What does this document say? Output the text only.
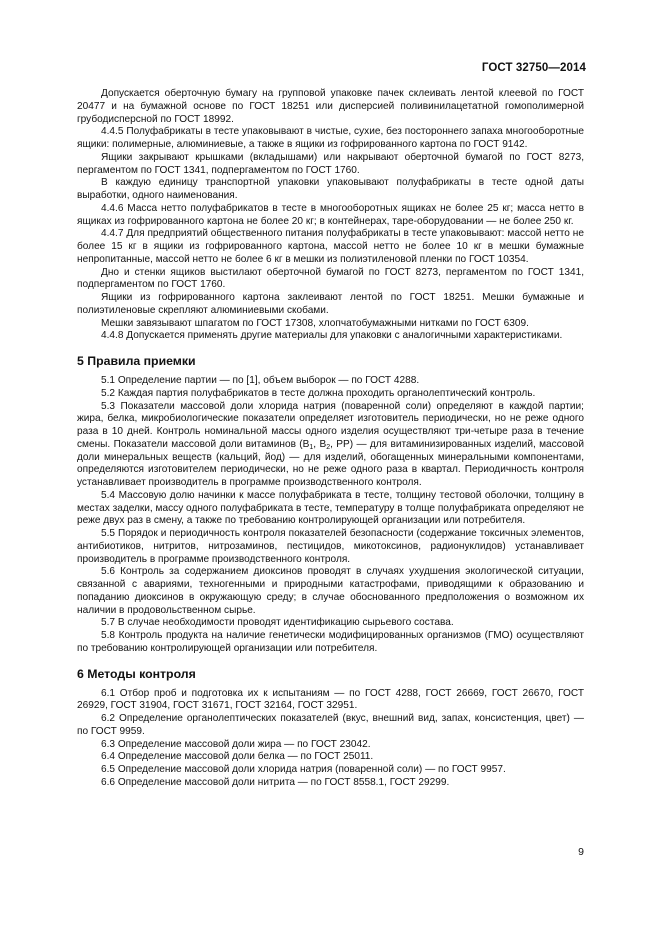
ГОСТ 32750—2014

Допускается оберточную бумагу на групповой упаковке пачек склеивать лентой клеевой по ГОСТ 20477 и на бумажной основе по ГОСТ 18251 или дисперсией поливинилацетатной гомополимерной грубодисперсной по ГОСТ 18992.

4.4.5 Полуфабрикаты в тесте упаковывают в чистые, сухие, без постороннего запаха многооборотные ящики: полимерные, алюминиевые, а также в ящики из гофрированного картона по ГОСТ 9142.

Ящики закрывают крышками (вкладышами) или накрывают оберточной бумагой по ГОСТ 8273, пергаментом по ГОСТ 1341, подпергаментом по ГОСТ 1760.

В каждую единицу транспортной упаковки упаковывают полуфабрикаты в тесте одной даты выработки, одного наименования.

4.4.6 Масса нетто полуфабрикатов в тесте в многооборотных ящиках не более 25 кг; масса нетто в ящиках из гофрированного картона не более 20 кг; в контейнерах, таре-оборудовании — не более 250 кг.

4.4.7 Для предприятий общественного питания полуфабрикаты в тесте упаковывают: массой нетто не более 15 кг в ящики из гофрированного картона, массой нетто не более 10 кг в мешки бумажные непропитанные, массой нетто не более 6 кг в мешки из полиэтиленовой пленки по ГОСТ 10354.

Дно и стенки ящиков выстилают оберточной бумагой по ГОСТ 8273, пергаментом по ГОСТ 1341, подпергаментом по ГОСТ 1760.

Ящики из гофрированного картона заклеивают лентой по ГОСТ 18251. Мешки бумажные и полиэтиленовые скрепляют алюминиевыми скобами.

Мешки завязывают шпагатом по ГОСТ 17308, хлопчатобумажными нитками по ГОСТ 6309.

4.4.8 Допускается применять другие материалы для упаковки с аналогичными характеристиками.

5 Правила приемки

5.1 Определение партии — по [1], объем выборок — по ГОСТ 4288.

5.2 Каждая партия полуфабрикатов в тесте должна проходить органолептический контроль.

5.3 Показатели массовой доли хлорида натрия (поваренной соли) определяют в каждой партии; жира, белка, микробиологические показатели определяет изготовитель периодически, но не реже одного раза в 10 дней. Контроль номинальной массы одного изделия осуществляют три-четыре раза в течение смены. Показатели массовой доли витаминов ($В_1$, $В_2$, РР) — для витаминизированных изделий, массовой доли минеральных веществ (кальций, йод) — для изделий, обогащенных минеральными компонентами, определяются изготовителем периодически, но не реже одного раза в квартал. Периодичность контроля устанавливает производитель в программе производственного контроля.

5.4 Массовую долю начинки к массе полуфабриката в тесте, толщину тестовой оболочки, толщину в местах заделки, массу одного полуфабриката в тесте, температуру в толще полуфабриката определяют не реже двух раз в смену, а также по требованию контролирующей организации или потребителя.

5.5 Порядок и периодичность контроля показателей безопасности (содержание токсичных элементов, антибиотиков, нитритов, нитрозаминов, пестицидов, микотоксинов, радионуклидов) устанавливает производитель в программе производственного контроля.

5.6 Контроль за содержанием диоксинов проводят в случаях ухудшения экологической ситуации, связанной с авариями, техногенными и природными катастрофами, приводящими к образованию и попаданию диоксинов в окружающую среду; в случае обоснованного предположения о возможном их наличии в продовольственном сырье.

5.7 В случае необходимости проводят идентификацию сырьевого состава.

5.8 Контроль продукта на наличие генетически модифицированных организмов (ГМО) осуществляют по требованию контролирующей организации или потребителя.

6 Методы контроля

6.1 Отбор проб и подготовка их к испытаниям — по ГОСТ 4288, ГОСТ 26669, ГОСТ 26670, ГОСТ 26929, ГОСТ 31904, ГОСТ 31671, ГОСТ 32164, ГОСТ 32951.

6.2 Определение органолептических показателей (вкус, внешний вид, запах, консистенция, цвет) — по ГОСТ 9959.

6.3 Определение массовой доли жира — по ГОСТ 23042.

6.4 Определение массовой доли белка — по ГОСТ 25011.

6.5 Определение массовой доли хлорида натрия (поваренной соли) — по ГОСТ 9957.

6.6 Определение массовой доли нитрита — по ГОСТ 8558.1, ГОСТ 29299.

9
